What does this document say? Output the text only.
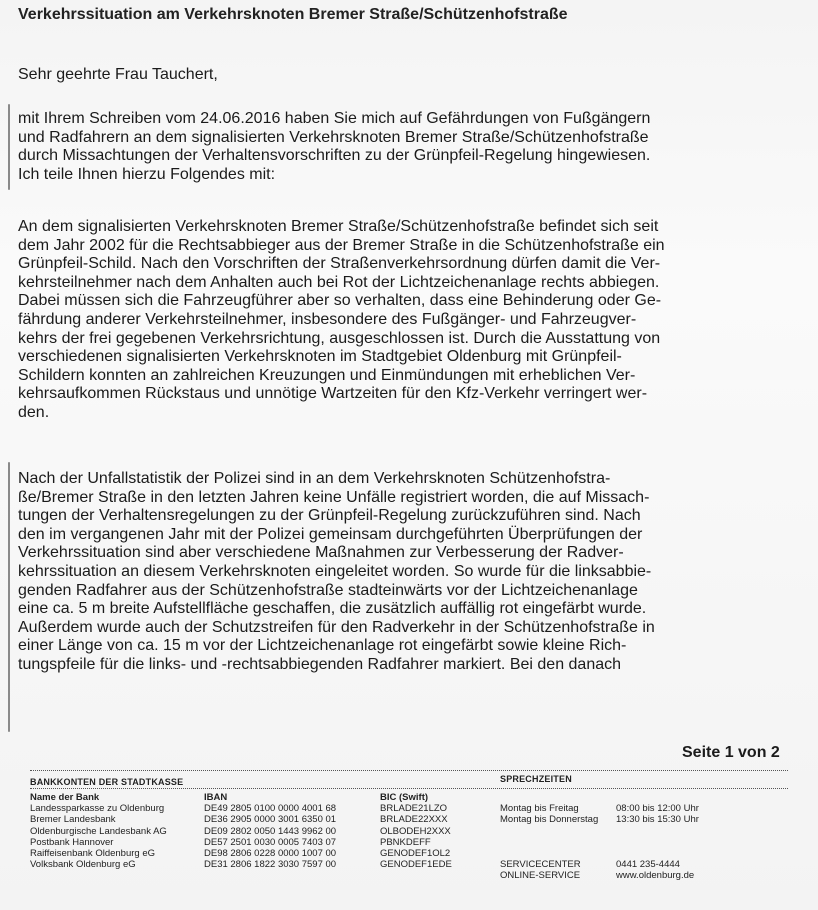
Verkehrssituation am Verkehrsknoten Bremer Straße/Schützenhofstraße
Sehr geehrte Frau Tauchert,
mit Ihrem Schreiben vom 24.06.2016 haben Sie mich auf Gefährdungen von Fußgängern
und Radfahrern an dem signalisierten Verkehrsknoten Bremer Straße/Schützenhofstraße
durch Missachtungen der Verhaltensvorschriften zu der Grünpfeil-Regelung hingewiesen.
Ich teile Ihnen hierzu Folgendes mit:
An dem signalisierten Verkehrsknoten Bremer Straße/Schützenhofstraße befindet sich seit
dem Jahr 2002 für die Rechtsabbieger aus der Bremer Straße in die Schützenhofstraße ein
Grünpfeil-Schild. Nach den Vorschriften der Straßenverkehrsordnung dürfen damit die Ver-
kehrsteilnehmer nach dem Anhalten auch bei Rot der Lichtzeichenanlage rechts abbiegen.
Dabei müssen sich die Fahrzeugführer aber so verhalten, dass eine Behinderung oder Ge-
fährdung anderer Verkehrsteilnehmer, insbesondere des Fußgänger- und Fahrzeugver-
kehrs der frei gegebenen Verkehrsrichtung, ausgeschlossen ist. Durch die Ausstattung von
verschiedenen signalisierten Verkehrsknoten im Stadtgebiet Oldenburg mit Grünpfeil-
Schildern konnten an zahlreichen Kreuzungen und Einmündungen mit erheblichen Ver-
kehrsaufkommen Rückstaus und unnötige Wartzeiten für den Kfz-Verkehr verringert wer-
den.
Nach der Unfallstatistik der Polizei sind in an dem Verkehrsknoten Schützenhofstra-
ße/Bremer Straße in den letzten Jahren keine Unfälle registriert worden, die auf Missach-
tungen der Verhaltensregelungen zu der Grünpfeil-Regelung zurückzuführen sind. Nach
den im vergangenen Jahr mit der Polizei gemeinsam durchgeführten Überprüfungen der
Verkehrssituation sind aber verschiedene Maßnahmen zur Verbesserung der Radver-
kehrssituation an diesem Verkehrsknoten eingeleitet worden. So wurde für die linksabbie-
genden Radfahrer aus der Schützenhofstraße stadteinwärts vor der Lichtzeichenanlage
eine ca. 5 m breite Aufstellfläche geschaffen, die zusätzlich auffällig rot eingefärbt wurde.
Außerdem wurde auch der Schutzstreifen für den Radverkehr in der Schützenhofstraße in
einer Länge von ca. 15 m vor der Lichtzeichenanlage rot eingefärbt sowie kleine Rich-
tungspfeile für die links- und -rechtsabbiegenden Radfahrer markiert. Bei den danach
Seite 1 von 2
BANKKONTEN DER STADTKASSE	SPRECHZEITEN
Name der Bank
Landessparkasse zu Oldenburg
Bremer Landesbank
Oldenburgische Landesbank AG
Postbank Hannover
Raiffeisenbank Oldenburg eG
Volksbank Oldenburg eG
IBAN
DE49 2805 0100 0000 4001 68
DE36 2905 0000 3001 6350 01
DE09 2802 0050 1443 9962 00
DE57 2501 0030 0005 7403 07
DE98 2806 0228 0000 1007 00
DE31 2806 1822 3030 7597 00
BIC (Swift)
BRLADE21LZO
BRLADE22XXX
OLBODEH2XXX
PBNKDEFF
GENODEF1OL2
GENODEF1EDE
Montag bis Freitag
Montag bis Donnerstag
08:00 bis 12:00 Uhr
13:30 bis 15:30 Uhr
SERVICECENTER
ONLINE-SERVICE
0441 235-4444
www.oldenburg.de
